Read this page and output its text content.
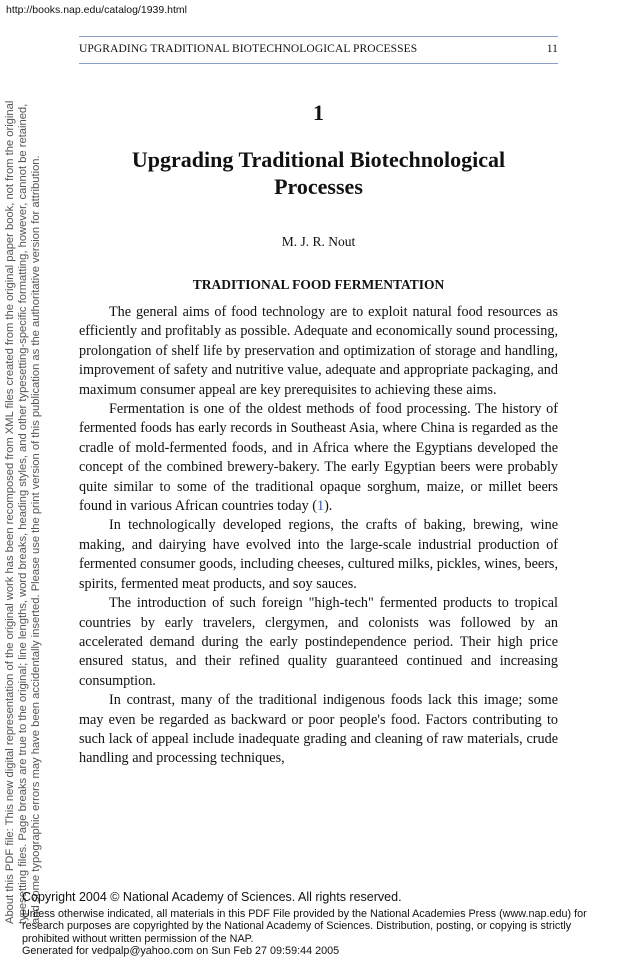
http://books.nap.edu/catalog/1939.html
About this PDF file: This new digital representation of the original work has been recomposed from XML files created from the original paper book, not from the original typesetting files. Page breaks are true to the original; line lengths, word breaks, heading styles, and other typesetting-specific formatting, however, cannot be retained, and some typographic errors may have been accidentally inserted. Please use the print version of this publication as the authoritative version for attribution.
UPGRADING TRADITIONAL BIOTECHNOLOGICAL PROCESSES	11
1
Upgrading Traditional Biotechnological
Processes
M. J. R. Nout
TRADITIONAL FOOD FERMENTATION

The general aims of food technology are to exploit natural food resources as efficiently and profitably as possible. Adequate and economically sound processing, prolongation of shelf life by preservation and optimization of storage and handling, improvement of safety and nutritive value, adequate and appropriate packaging, and maximum consumer appeal are key prerequisites to achieving these aims.

Fermentation is one of the oldest methods of food processing. The history of fermented foods has early records in Southeast Asia, where China is regarded as the cradle of mold-fermented foods, and in Africa where the Egyptians developed the concept of the combined brewery-bakery. The early Egyptian beers were probably quite similar to some of the traditional opaque sorghum, maize, or millet beers found in various African countries today (1).

In technologically developed regions, the crafts of baking, brewing, wine making, and dairying have evolved into the large-scale industrial production of fermented consumer goods, including cheeses, cultured milks, pickles, wines, beers, spirits, fermented meat products, and soy sauces.

The introduction of such foreign "high-tech" fermented products to tropical countries by early travelers, clergymen, and colonists was followed by an accelerated demand during the early postindependence period. Their high price ensured status, and their refined quality guaranteed continued and increasing consumption.

In contrast, many of the traditional indigenous foods lack this image; some may even be regarded as backward or poor people's food. Factors contributing to such lack of appeal include inadequate grading and cleaning of raw materials, crude handling and processing techniques,

Copyright 2004 © National Academy of Sciences. All rights reserved.
Unless otherwise indicated, all materials in this PDF File provided by the National Academies Press (www.nap.edu) for research purposes are copyrighted by the National Academy of Sciences. Distribution, posting, or copying is strictly prohibited without written permission of the NAP.
Generated for vedpalp@yahoo.com on Sun Feb 27 09:59:44 2005
